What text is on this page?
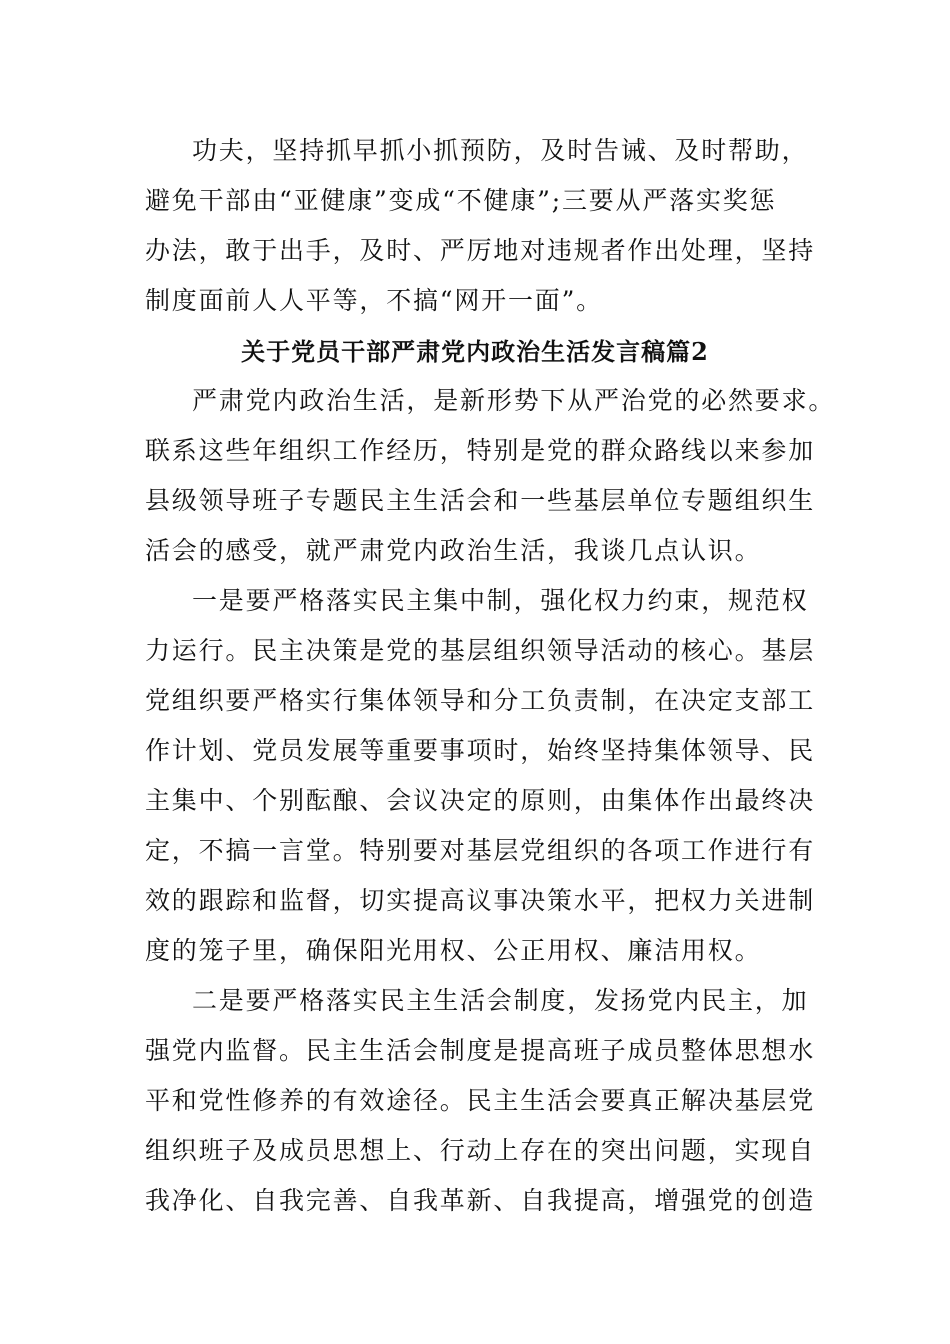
功夫，坚持抓早抓小抓预防，及时告诫、及时帮助，
避免干部由“亚健康”变成“不健康”;三要从严落实奖惩
办法，敢于出手，及时、严厉地对违规者作出处理，坚持
制度面前人人平等，不搞“网开一面”。
关于党员干部严肃党内政治生活发言稿篇2
严肃党内政治生活，是新形势下从严治党的必然要求。
联系这些年组织工作经历，特别是党的群众路线以来参加
县级领导班子专题民主生活会和一些基层单位专题组织生
活会的感受，就严肃党内政治生活，我谈几点认识。
一是要严格落实民主集中制，强化权力约束，规范权
力运行。民主决策是党的基层组织领导活动的核心。基层
党组织要严格实行集体领导和分工负责制，在决定支部工
作计划、党员发展等重要事项时，始终坚持集体领导、民
主集中、个别酝酿、会议决定的原则，由集体作出最终决
定，不搞一言堂。特别要对基层党组织的各项工作进行有
效的跟踪和监督，切实提高议事决策水平，把权力关进制
度的笼子里，确保阳光用权、公正用权、廉洁用权。
二是要严格落实民主生活会制度，发扬党内民主，加
强党内监督。民主生活会制度是提高班子成员整体思想水
平和党性修养的有效途径。民主生活会要真正解决基层党
组织班子及成员思想上、行动上存在的突出问题，实现自
我净化、自我完善、自我革新、自我提高，增强党的创造
